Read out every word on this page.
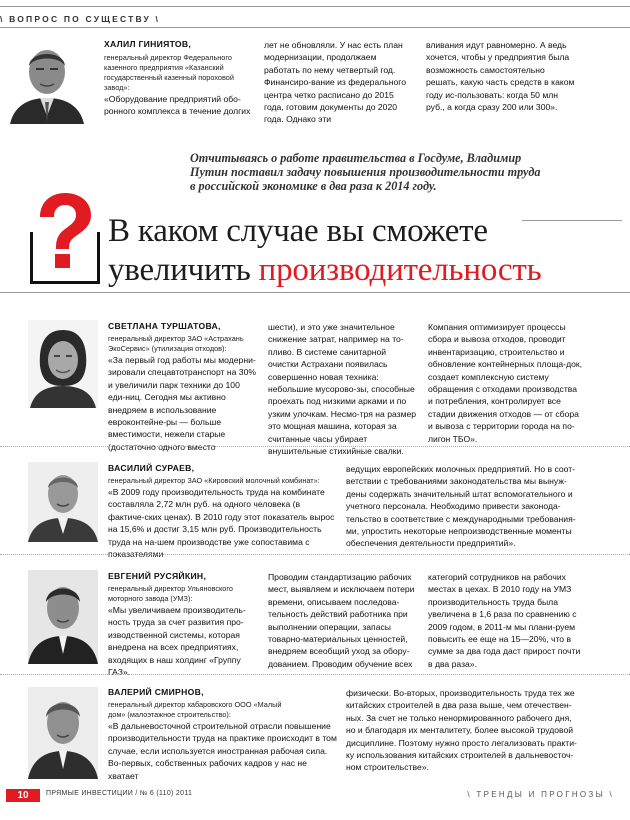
\ ВОПРОС ПО СУЩЕСТВУ \
ХАЛИЛ ГИНИЯТОВ,
генеральный директор Федерального казенного предприятия «Казанский государственный казенный пороховой завод»:
«Оборудование предприятий обо-ронного комплекса в течение долгих
лет не обновляли. У нас есть план модернизации, продолжаем работать по нему четвертый год. Финансиро-вание из федерального центра четко расписано до 2015 года, готовим документы до 2020 года. Однако эти
вливания идут равномерно. А ведь хочется, чтобы у предприятия была возможность самостоятельно решать, какую часть средств в каком году ис-пользовать: когда 50 млн руб., а когда сразу 200 или 300».
Отчитываясь о работе правительства в Госдуме, Владимир
Путин поставил задачу повышения производительности труда
в российской экономике в два раза к 2014 году.
В каком случае вы сможете
увеличить производительность
СВЕТЛАНА ТУРШАТОВА,
генеральный директор ЗАО «Астрахань ЭкоСервис» (утилизация отходов):
«За первый год работы мы модерни-зировали спецавтотранспорт на 30% и увеличили парк техники до 100 еди-ниц. Сегодня мы активно внедряем в использование евроконтейне-ры — больше вместимости, нежели старые (достаточно одного вместо
шести), и это уже значительное снижение затрат, например на то-пливо. В системе санитарной очистки Астрахани появилась совершенно новая техника: небольшие мусорово-зы, способные проехать под низкими арками и по узким улочкам. Несмо-тря на размер это мощная машина, которая за считанные часы убирает внушительные стихийные свалки.
Компания оптимизирует процессы сбора и вывоза отходов, проводит инвентаризацию, строительство и обновление контейнерных площа-док, создает комплексную систему обращения с отходами производства и потребления, контролирует все стадии движения отходов — от сбора и вывоза с территории города на по-лигон ТБО».
ВАСИЛИЙ СУРАЕВ,
генеральный директор ЗАО «Кировский молочный комбинат»:
«В 2009 году производительность труда на комбинате составляла 2,72 млн руб. на одного человека (в фактиче-ских ценах). В 2010 году этот показатель вырос на 15,6% и достиг 3,15 млн руб. Производительность труда на на-шем производстве уже сопоставима с показателями
ведущих европейских молочных предприятий. Но в соот-ветствии с требованиями законодательства мы вынуж-дены содержать значительный штат вспомогательного и учетного персонала. Необходимо привести законода-тельство в соответствие с международными требования-ми, упростить некоторые непроизводственные моменты обеспечения деятельности предприятий».
ЕВГЕНИЙ РУСЯЙКИН,
генеральный директор Ульяновского моторного завода (УМЗ):
«Мы увеличиваем производитель-ность труда за счет развития про-изводственной системы, которая внедрена на всех предприятиях, входящих в наш холдинг «Группу ГАЗ».
Проводим стандартизацию рабочих мест, выявляем и исключаем потери времени, описываем последова-тельность действий работника при выполнении операции, запасы товарно-материальных ценностей, внедряем всеобщий уход за обору-дованием. Проводим обучение всех
категорий сотрудников на рабочих местах в цехах. В 2010 году на УМЗ производительность труда была увеличена в 1,6 раза по сравнению с 2009 годом, в 2011-м мы плани-руем повысить ее еще на 15—20%, что в сумме за два года даст прирост почти в два раза».
ВАЛЕРИЙ СМИРНОВ,
генеральный директор хабаровского ООО «Малый дом» (малоэтажное строительство):
«В дальневосточной строительной отрасли повышение производительности труда на практике происходит в том случае, если используется иностранная рабочая сила. Во-первых, собственных рабочих кадров у нас не хватает
физически. Во-вторых, производительность труда тех же китайских строителей в два раза выше, чем отечествен-ных. За счет не только ненормированного рабочего дня, но и благодаря их менталитету, более высокой трудовой дисциплине. Поэтому нужно просто легализовать практи-ку использования китайских строителей в дальневосточ-ном строительстве».
10	ПРЯМЫЕ ИНВЕСТИЦИИ / № 6 (110) 2011	\ ТРЕНДЫ И ПРОГНОЗЫ \
